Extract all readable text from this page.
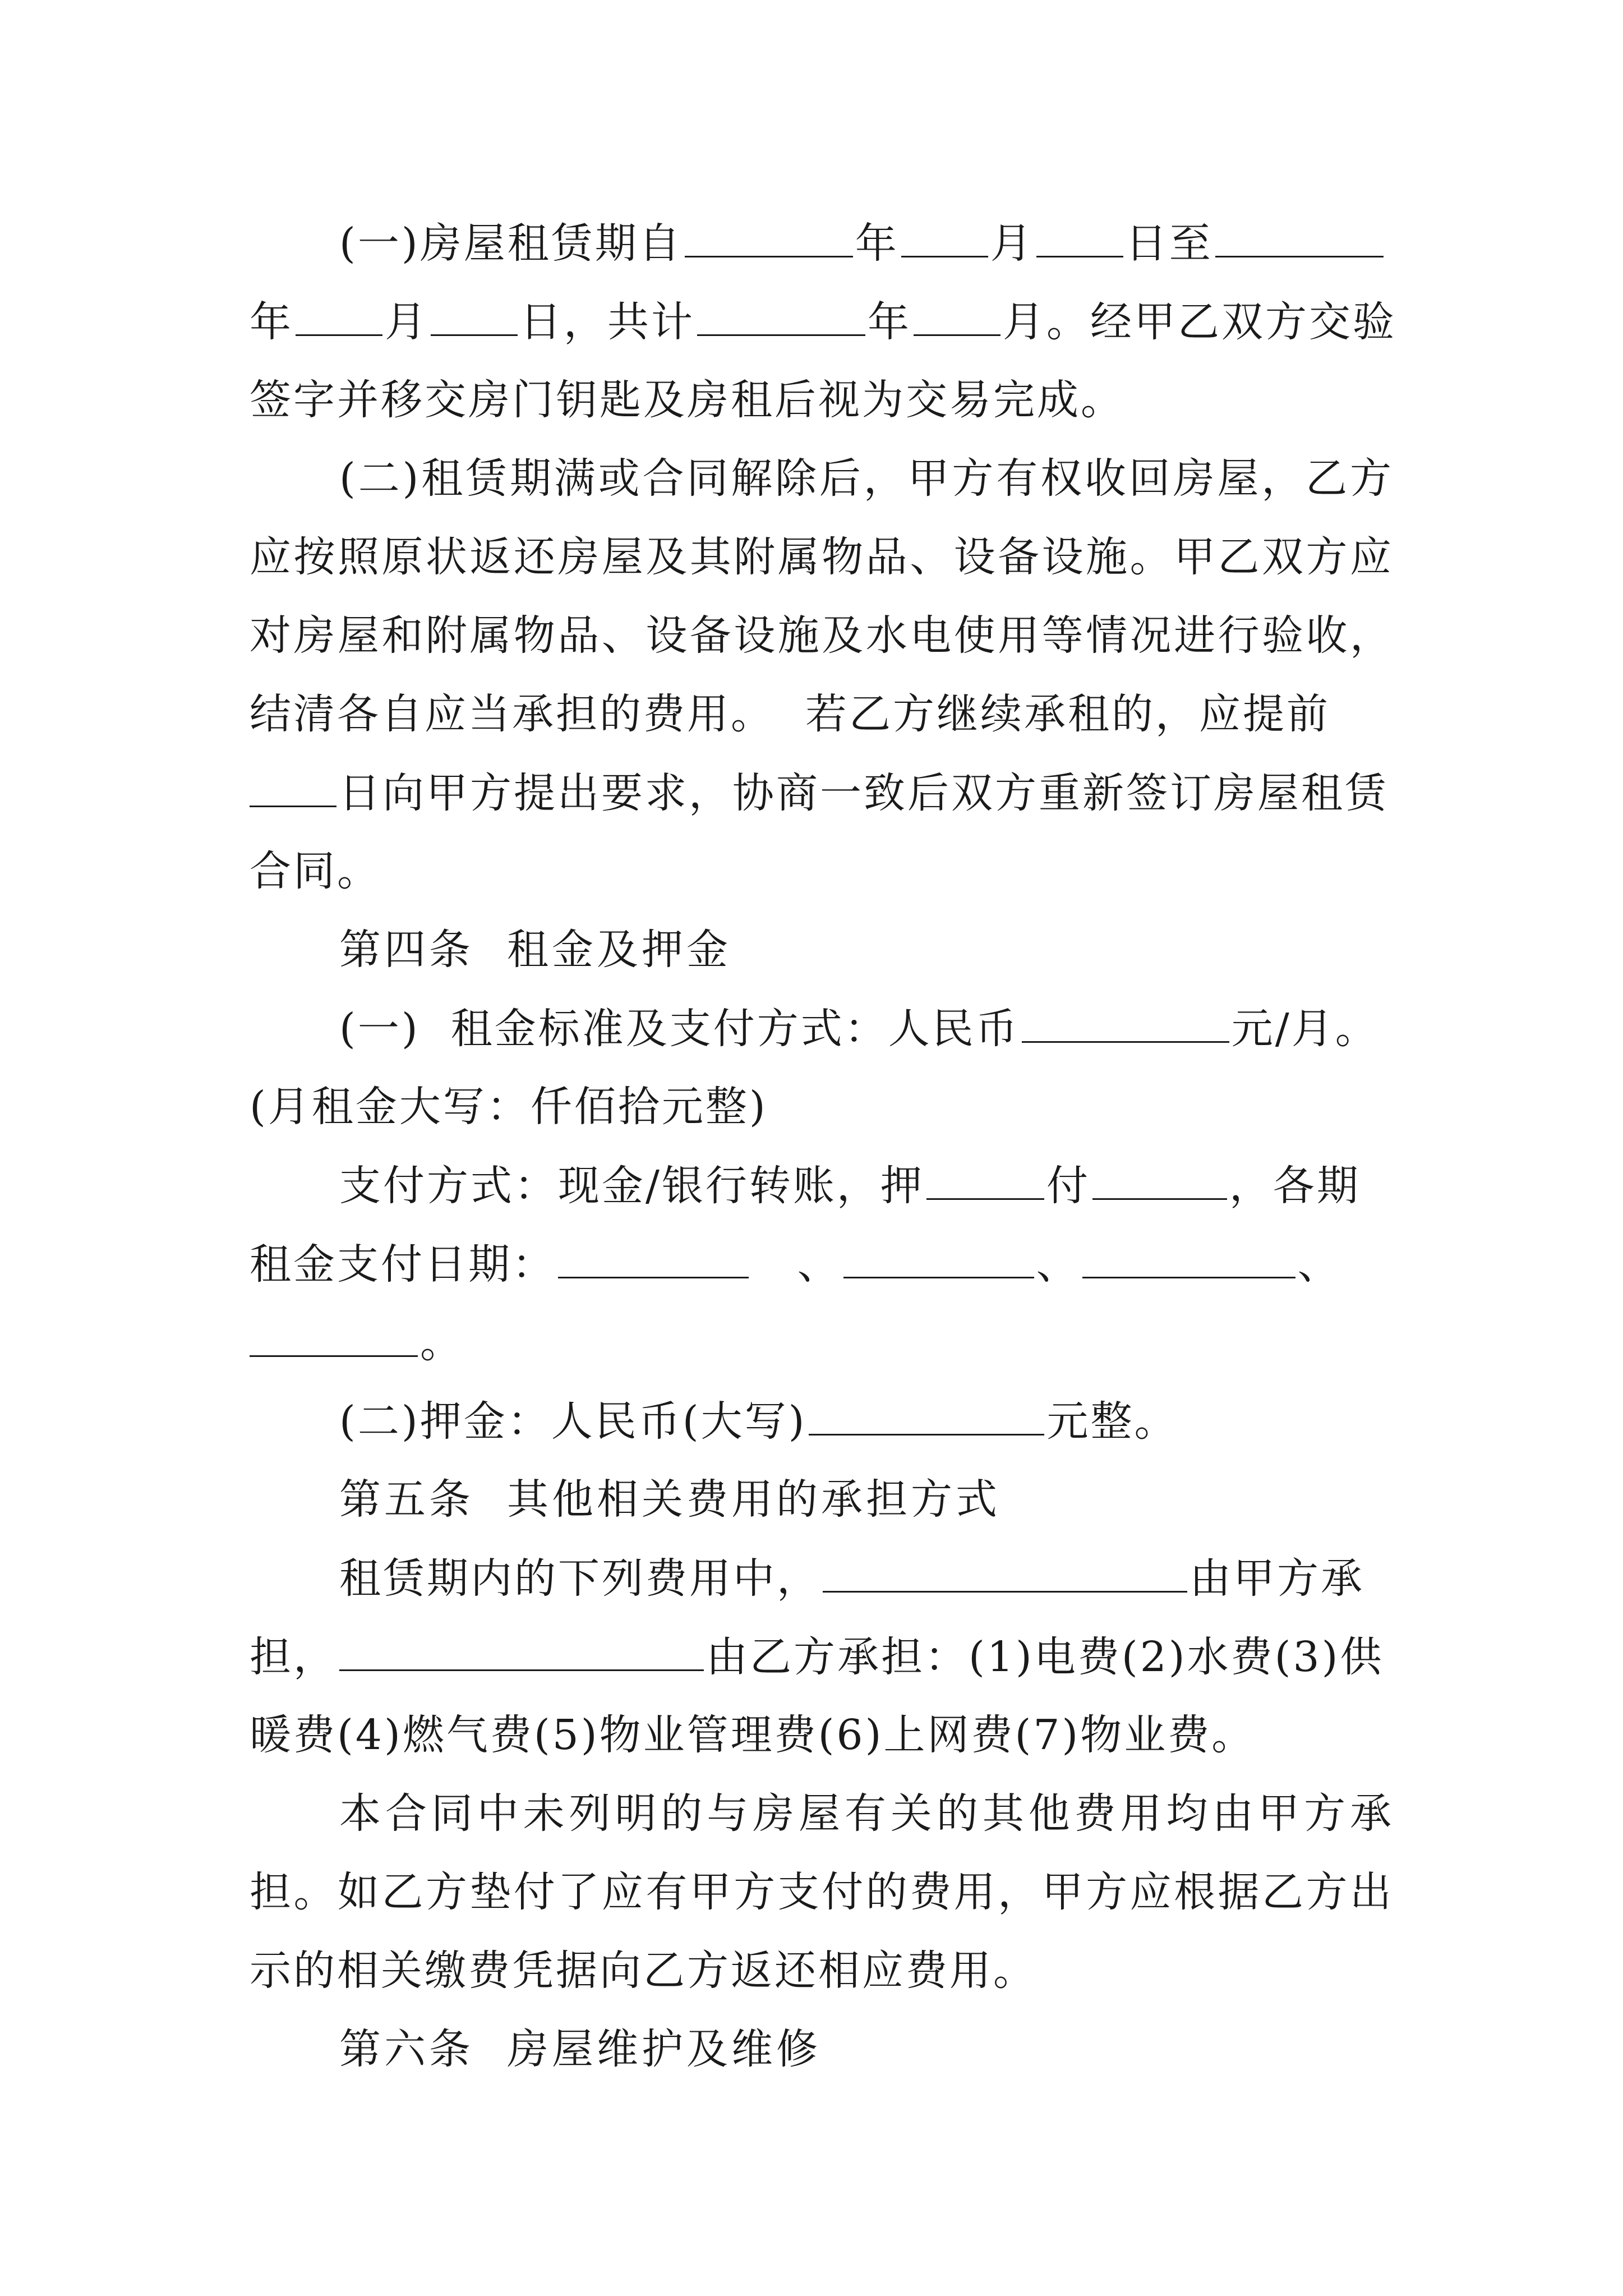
(一)房屋租赁期自	年 月 日至
年 月 日，共计	年 月。经甲乙双方交验
签字并移交房门钥匙及房租后视为交易完成。
(二)租赁期满或合同解除后，甲方有权收回房屋，乙方
应按照原状返还房屋及其附属物品、设备设施。甲乙双方应
对房屋和附属物品、设备设施及水电使用等情况进行验收，
结清各自应当承担的费用。  若乙方继续承租的，应提前
日向甲方提出要求，协商一致后双方重新签订房屋租赁
合同。
第四条  租金及押金
(一)  租金标准及支付方式：人民币	元/月。
(月租金大写：仟佰拾元整)
支付方式：现金/银行转账，押	付	，各期
租金支付日期：	、	、	、
。
(二)押金：人民币(大写)	元整。
第五条  其他相关费用的承担方式
租赁期内的下列费用中，	由甲方承
担，	由乙方承担：(1)电费(2)水费(3)供
暖费(4)燃气费(5)物业管理费(6)上网费(7)物业费。
本合同中未列明的与房屋有关的其他费用均由甲方承
担。如乙方垫付了应有甲方支付的费用，甲方应根据乙方出
示的相关缴费凭据向乙方返还相应费用。
第六条  房屋维护及维修
